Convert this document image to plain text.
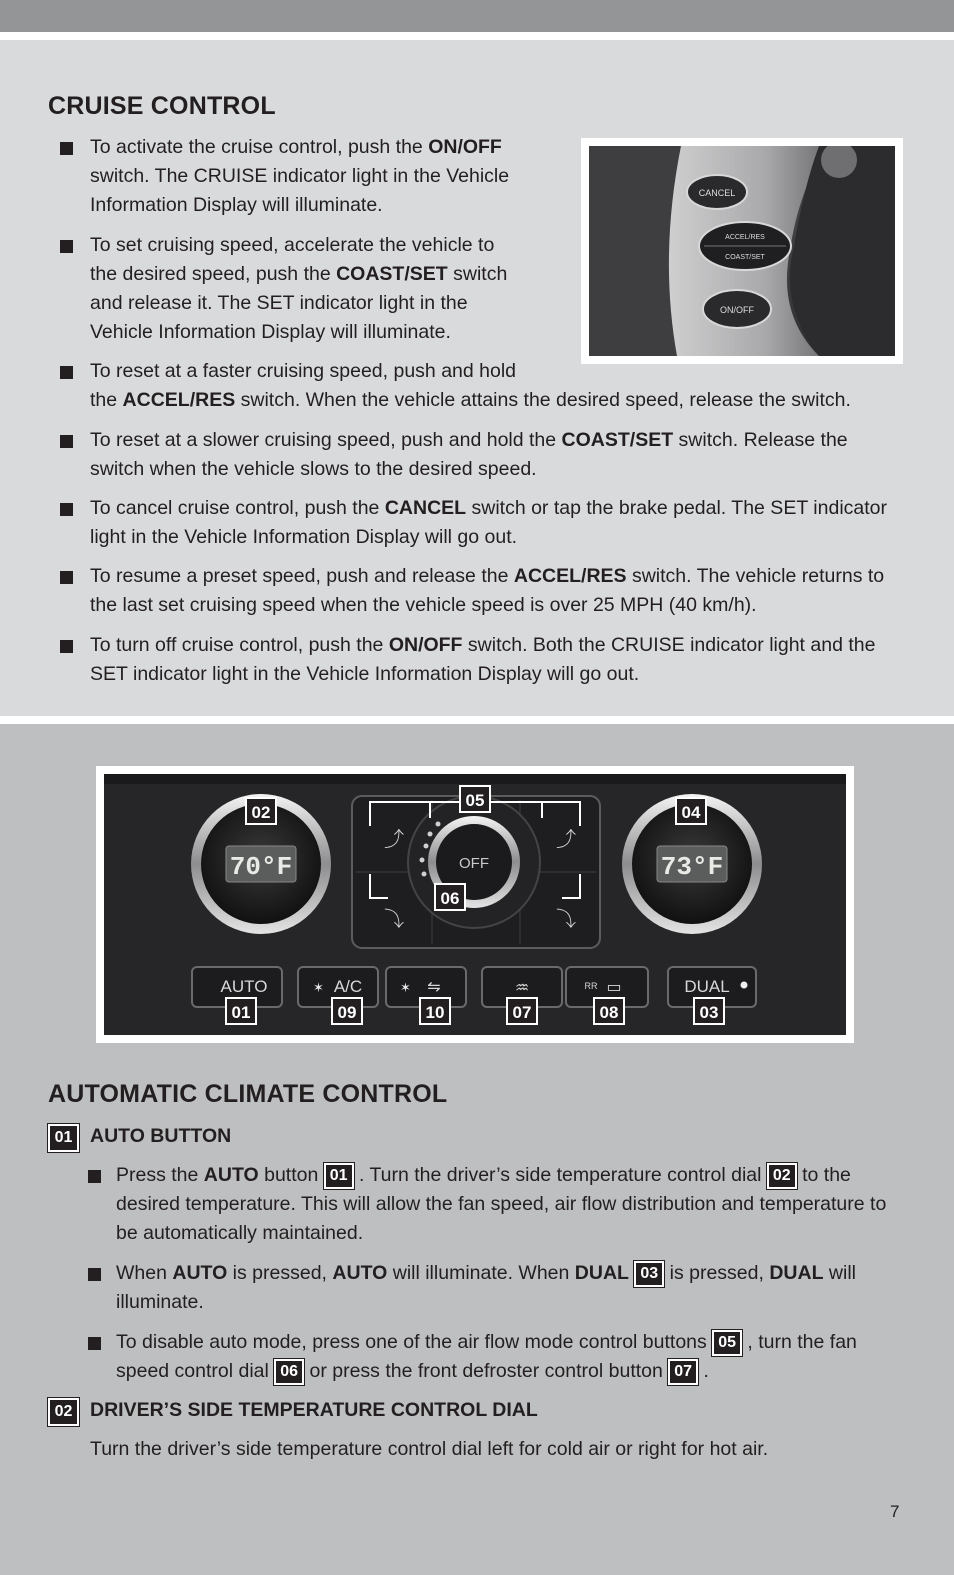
CRUISE CONTROL
To activate the cruise control, push the ON/OFF
switch. The CRUISE indicator light in the Vehicle
Information Display will illuminate.
To set cruising speed, accelerate the vehicle to
the desired speed, push the COAST/SET switch
and release it. The SET indicator light in the
Vehicle Information Display will illuminate.
To reset at a faster cruising speed, push and hold
the ACCEL/RES switch. When the vehicle attains the desired speed, release the switch.
To reset at a slower cruising speed, push and hold the COAST/SET switch. Release the
switch when the vehicle slows to the desired speed.
To cancel cruise control, push the CANCEL switch or tap the brake pedal. The SET indicator
light in the Vehicle Information Display will go out.
To resume a preset speed, push and release the ACCEL/RES switch. The vehicle returns to
the last set cruising speed when the vehicle speed is over 25 MPH (40 km/h).
To turn off cruise control, push the ON/OFF switch. Both the CRUISE indicator light and the
SET indicator light in the Vehicle Information Display will go out.
CANCEL
ACCEL/RES
COAST/SET
ON/OFF
70°F	73°F
OFF
⤴
⤵
⤴
⤵
AUTO	A/C
✶	✶ ⇋	♒	RR ▭	DUAL
01
02
03
04
05
06
07	08
09	10
AUTOMATIC CLIMATE CONTROL
01 AUTO BUTTON
Press the AUTO button 01 . Turn the driver’s side temperature control dial 02 to the
desired temperature. This will allow the fan speed, air flow distribution and temperature to
be automatically maintained.
When AUTO is pressed, AUTO will illuminate. When DUAL 03 is pressed, DUAL will
illuminate.
To disable auto mode, press one of the air flow mode control buttons 05 , turn the fan
speed control dial 06 or press the front defroster control button 07 .
02 DRIVER’S SIDE TEMPERATURE CONTROL DIAL
Turn the driver’s side temperature control dial left for cold air or right for hot air.
7
